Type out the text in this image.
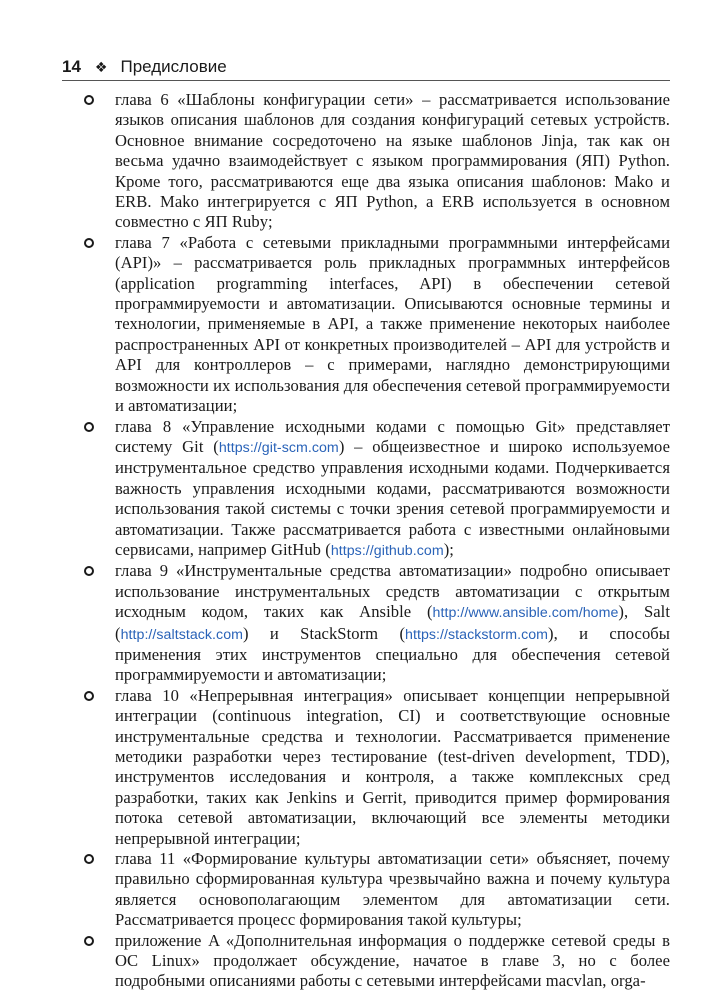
14 ❖ Предисловие
глава 6 «Шаблоны конфигурации сети» – рассматривается использование языков описания шаблонов для создания конфигураций сетевых устройств. Основное внимание сосредоточено на языке шаблонов Jinja, так как он весьма удачно взаимодействует с языком программирования (ЯП) Python. Кроме того, рассматриваются еще два языка описания шаблонов: Mako и ERB. Mako интегрируется с ЯП Python, а ERB используется в основном совместно с ЯП Ruby;
глава 7 «Работа с сетевыми прикладными программными интерфейсами (API)» – рассматривается роль прикладных программных интерфейсов (application programming interfaces, API) в обеспечении сетевой программируемости и автоматизации. Описываются основные термины и технологии, применяемые в API, а также применение некоторых наиболее распространенных API от конкретных производителей – API для устройств и API для контроллеров – с примерами, наглядно демонстрирующими возможности их использования для обеспечения сетевой программируемости и автоматизации;
глава 8 «Управление исходными кодами с помощью Git» представляет систему Git (https://git-scm.com) – общеизвестное и широко используемое инструментальное средство управления исходными кодами. Подчеркивается важность управления исходными кодами, рассматриваются возможности использования такой системы с точки зрения сетевой программируемости и автоматизации. Также рассматривается работа с известными онлайновыми сервисами, например GitHub (https://github.com);
глава 9 «Инструментальные средства автоматизации» подробно описывает использование инструментальных средств автоматизации с открытым исходным кодом, таких как Ansible (http://www.ansible.com/home), Salt (http://saltstack.com) и StackStorm (https://stackstorm.com), и способы применения этих инструментов специально для обеспечения сетевой программируемости и автоматизации;
глава 10 «Непрерывная интеграция» описывает концепции непрерывной интеграции (continuous integration, CI) и соответствующие основные инструментальные средства и технологии. Рассматривается применение методики разработки через тестирование (test-driven development, TDD), инструментов исследования и контроля, а также комплексных сред разработки, таких как Jenkins и Gerrit, приводится пример формирования потока сетевой автоматизации, включающий все элементы методики непрерывной интеграции;
глава 11 «Формирование культуры автоматизации сети» объясняет, почему правильно сформированная культура чрезвычайно важна и почему культура является основополагающим элементом для автоматизации сети. Рассматривается процесс формирования такой культуры;
приложение A «Дополнительная информация о поддержке сетевой среды в OC Linux» продолжает обсуждение, начатое в главе 3, но с более подробными описаниями работы с сетевыми интерфейсами macvlan, orga-
